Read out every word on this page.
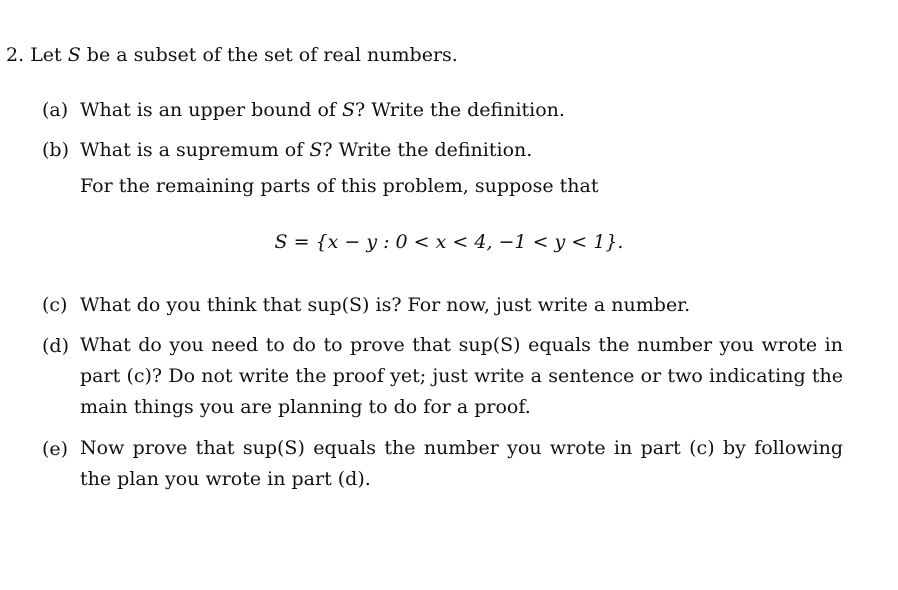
2. Let S be a subset of the set of real numbers.
(a) What is an upper bound of S? Write the definition.
(b) What is a supremum of S? Write the definition.
For the remaining parts of this problem, suppose that
S = {x − y : 0 < x < 4, −1 < y < 1}.
(c) What do you think that sup(S) is? For now, just write a number.
(d) What do you need to do to prove that sup(S) equals the number you wrote in part (c)? Do not write the proof yet; just write a sentence or two indicating the main things you are planning to do for a proof.
(e) Now prove that sup(S) equals the number you wrote in part (c) by following the plan you wrote in part (d).
